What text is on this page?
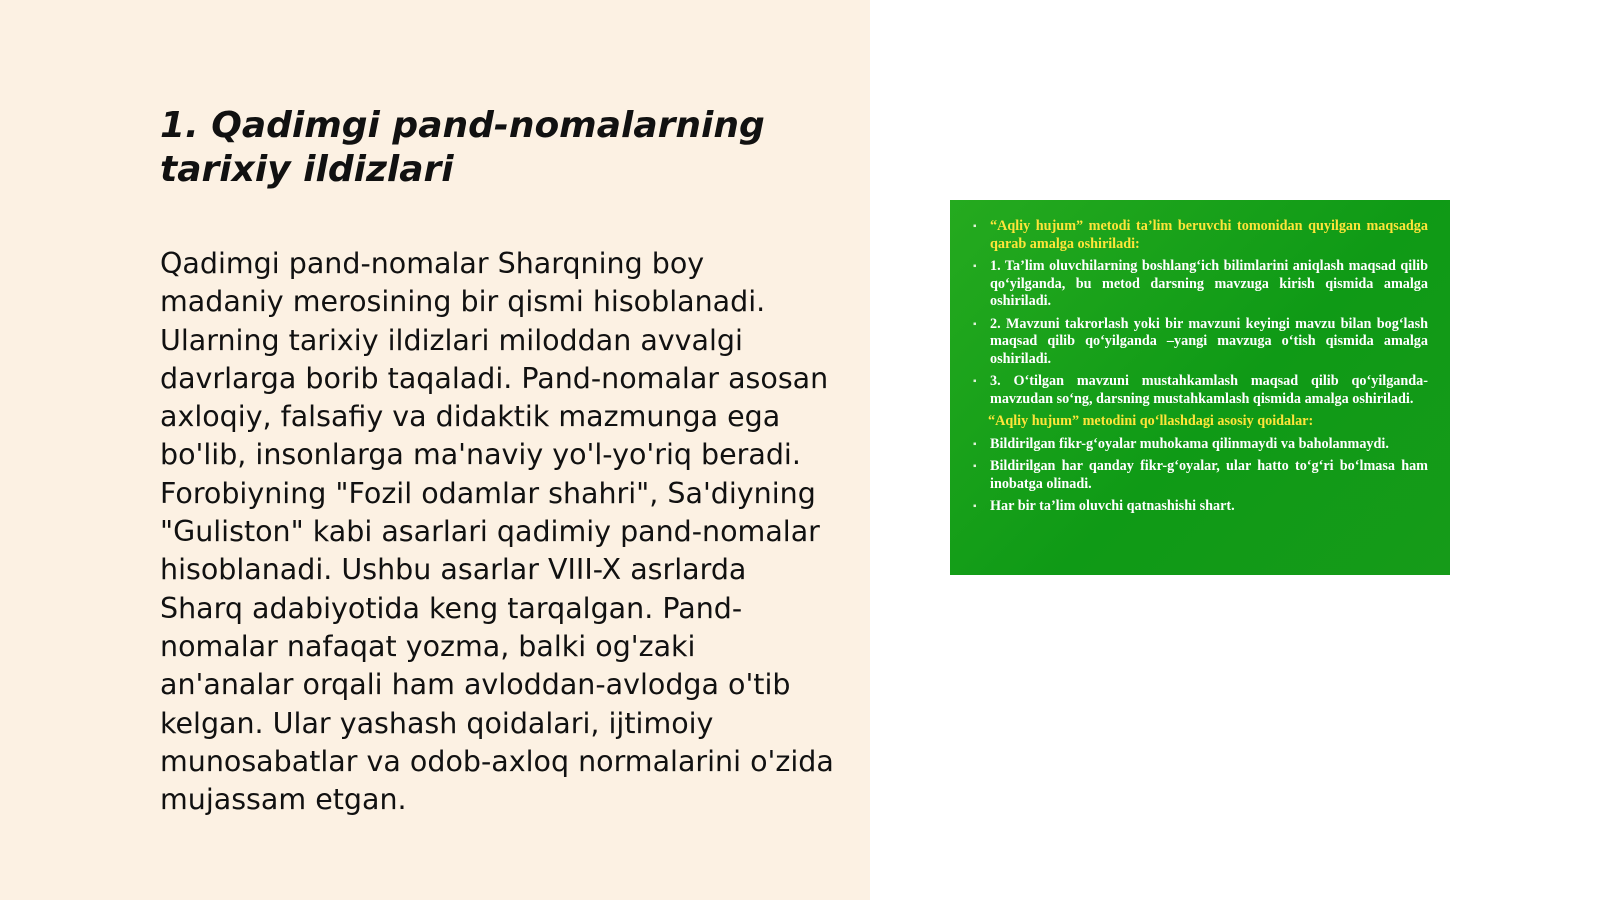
1. Qadimgi pand-nomalarning tarixiy ildizlari

Qadimgi pand-nomalar Sharqning boy madaniy merosining bir qismi hisoblanadi. Ularning tarixiy ildizlari miloddan avvalgi davrlarga borib taqaladi. Pand-nomalar asosan axloqiy, falsafiy va didaktik mazmunga ega bo'lib, insonlarga ma'naviy yo'l-yo'riq beradi. Forobiyning "Fozil odamlar shahri", Sa'diyning "Guliston" kabi asarlari qadimiy pand-nomalar hisoblanadi. Ushbu asarlar VIII-X asrlarda Sharq adabiyotida keng tarqalgan. Pand-nomalar nafaqat yozma, balki og'zaki an'analar orqali ham avloddan-avlodga o'tib kelgan. Ular yashash qoidalari, ijtimoiy munosabatlar va odob-axloq normalarini o'zida mujassam etgan.

▪ “Aqliy hujum” metodi ta’lim beruvchi tomonidan quyilgan maqsadga qarab amalga oshiriladi:
▪ 1. Ta’lim oluvchilarning boshlang‘ich bilimlarini aniqlash maqsad qilib qo‘yilganda, bu metod darsning mavzuga kirish qismida amalga oshiriladi.
▪ 2. Mavzuni takrorlash yoki bir mavzuni keyingi mavzu bilan bog‘lash maqsad qilib qo‘yilganda –yangi mavzuga o‘tish qismida amalga oshiriladi.
▪ 3. O‘tilgan mavzuni mustahkamlash maqsad qilib qo‘yilganda-mavzudan so‘ng, darsning mustahkamlash qismida amalga oshiriladi.
“Aqliy hujum” metodini qo‘llashdagi asosiy qoidalar:
▪ Bildirilgan fikr-g‘oyalar muhokama qilinmaydi va baholanmaydi.
▪ Bildirilgan har qanday fikr-g‘oyalar, ular hatto to‘g‘ri bo‘lmasa ham inobatga olinadi.
▪ Har bir ta’lim oluvchi qatnashishi shart.
